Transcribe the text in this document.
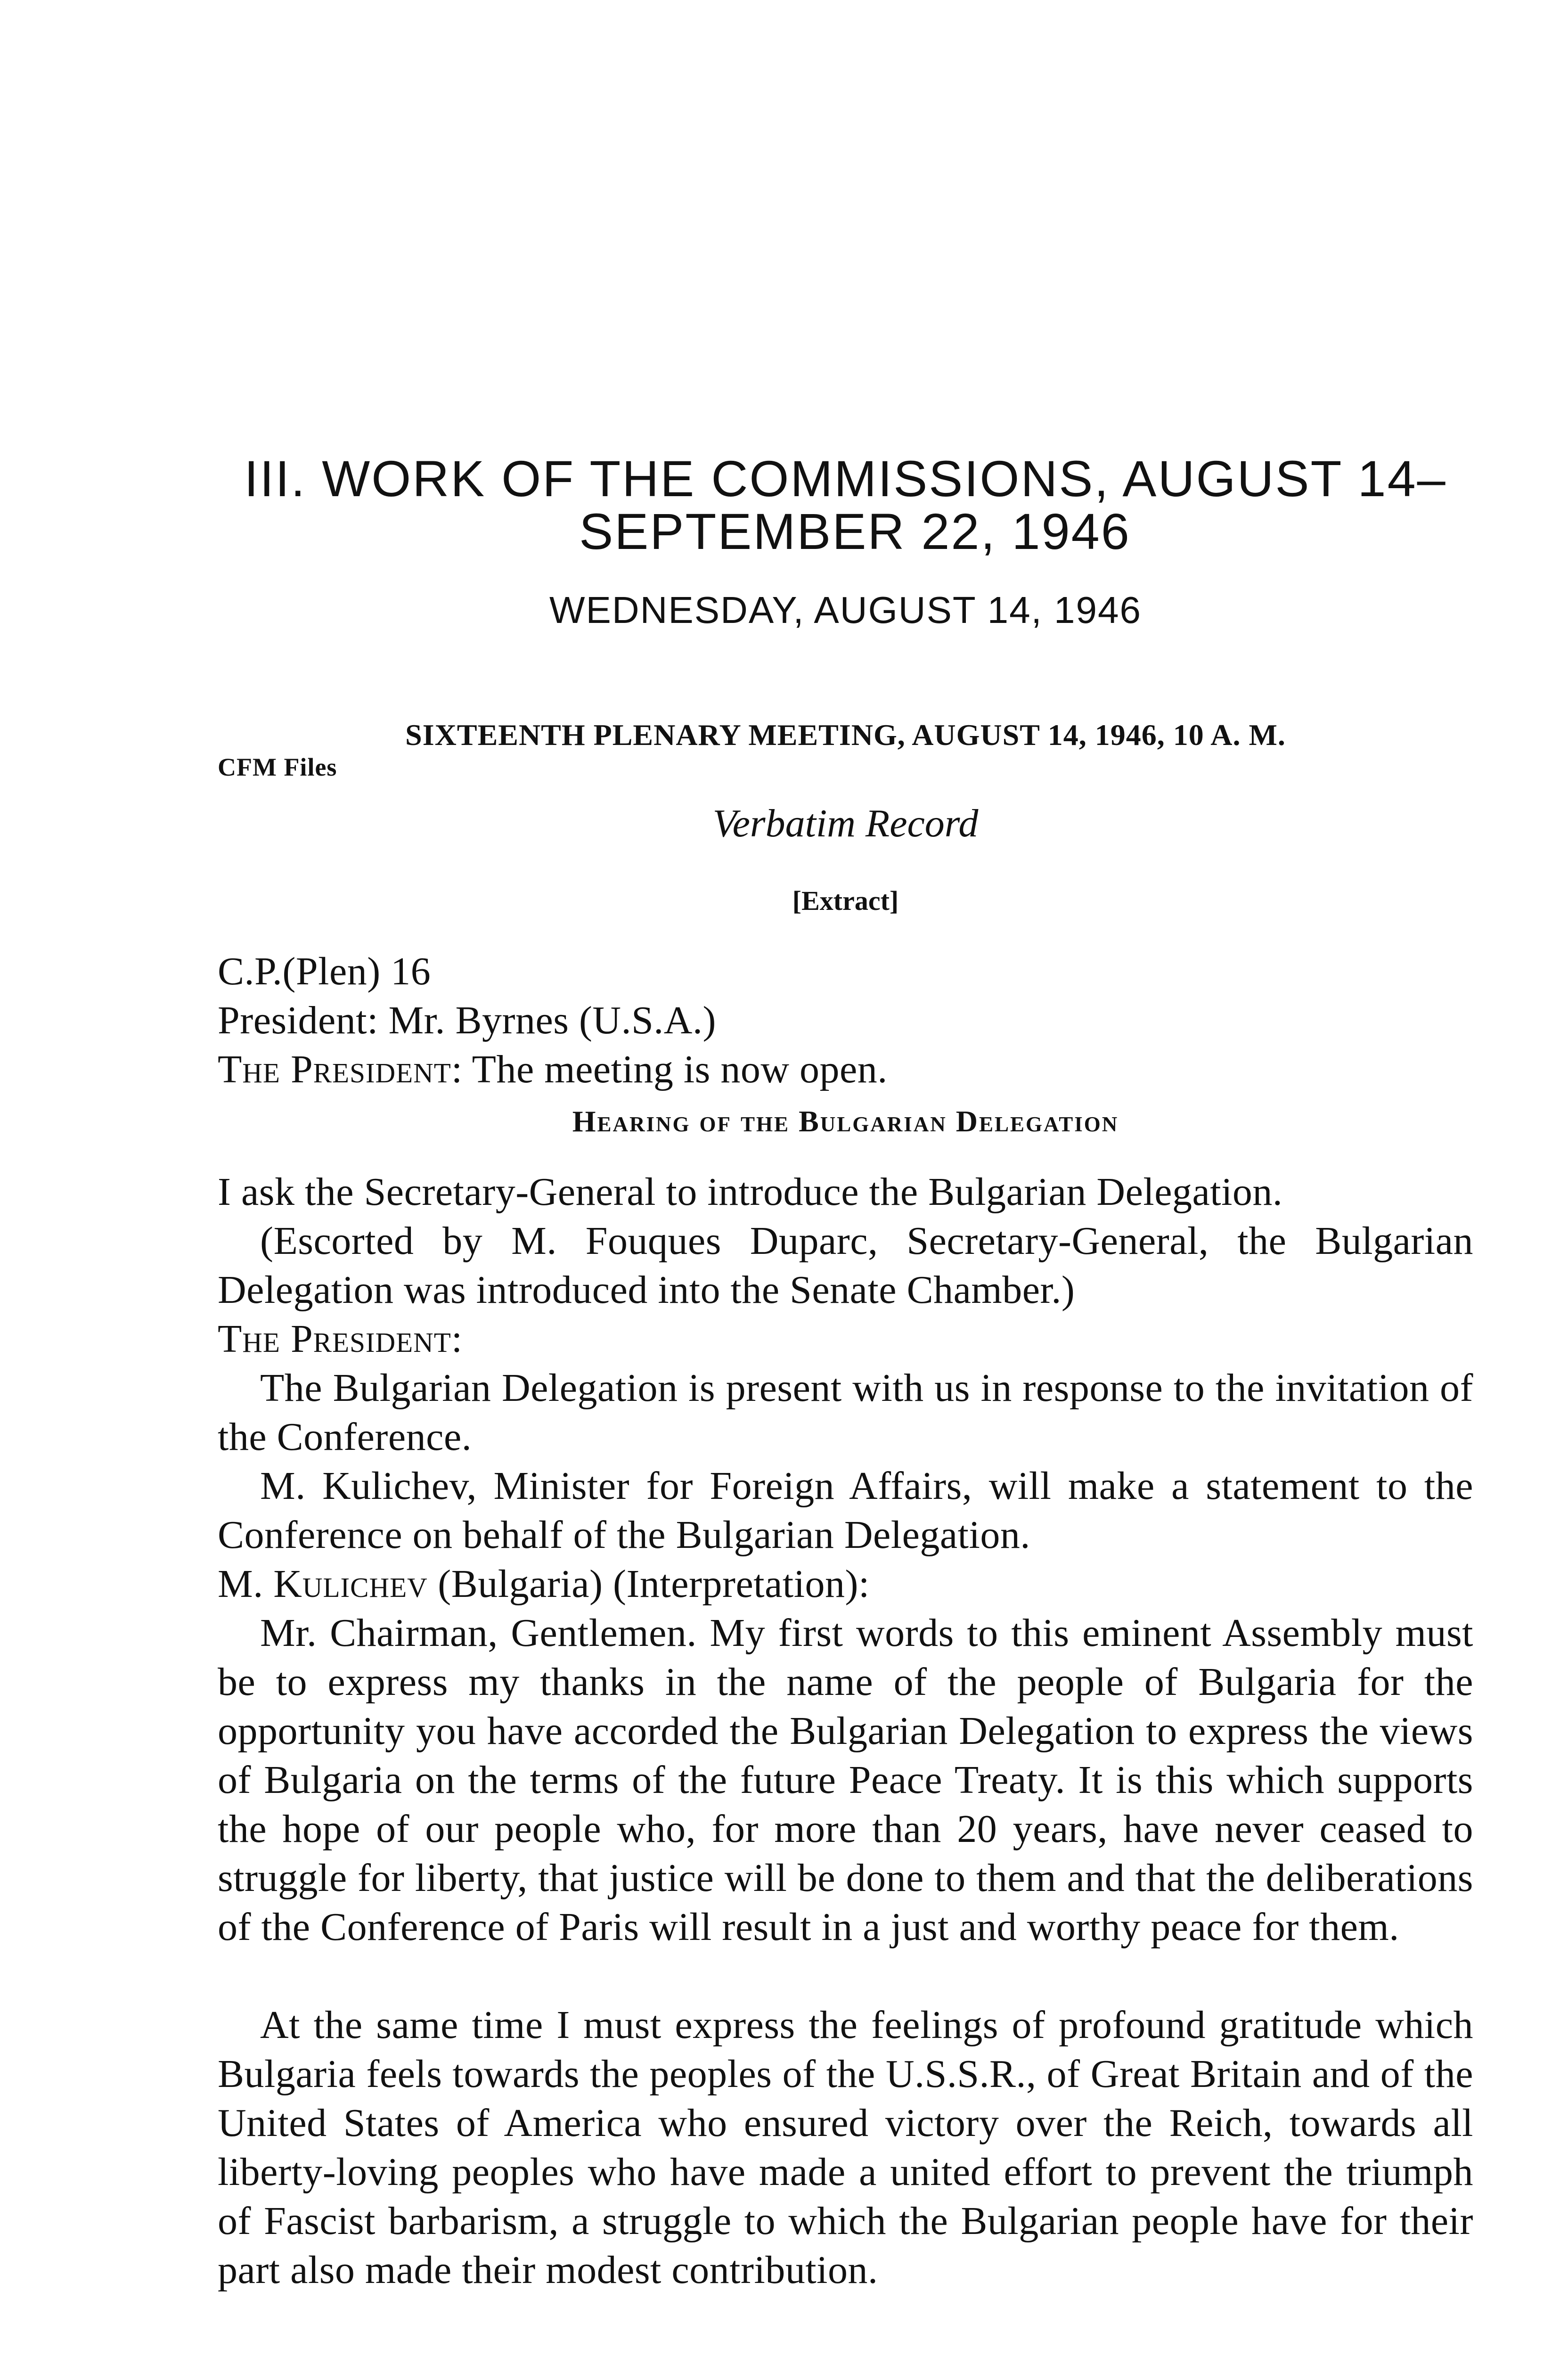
III. WORK OF THE COMMISSIONS, AUGUST 14–
SEPTEMBER 22, 1946
WEDNESDAY, AUGUST 14, 1946
SIXTEENTH PLENARY MEETING, AUGUST 14, 1946, 10 A. M.
CFM Files
Verbatim Record
[Extract]
C.P.(Plen) 16
President: Mr. Byrnes (U.S.A.)
The President: The meeting is now open.
Hearing of the Bulgarian Delegation

I ask the Secretary-General to introduce the Bulgarian Delegation.

(Escorted by M. Fouques Duparc, Secretary-General, the Bulgarian Delegation was introduced into the Senate Chamber.)

The President:

The Bulgarian Delegation is present with us in response to the invitation of the Conference.

M. Kulichev, Minister for Foreign Affairs, will make a statement to the Conference on behalf of the Bulgarian Delegation.

M. Kulichev (Bulgaria) (Interpretation):

Mr. Chairman, Gentlemen. My first words to this eminent Assembly must be to express my thanks in the name of the people of Bulgaria for the opportunity you have accorded the Bulgarian Delegation to express the views of Bulgaria on the terms of the future Peace Treaty. It is this which supports the hope of our people who, for more than 20 years, have never ceased to struggle for liberty, that justice will be done to them and that the deliberations of the Conference of Paris will result in a just and worthy peace for them.

At the same time I must express the feelings of profound gratitude which Bulgaria feels towards the peoples of the U.S.S.R., of Great Britain and of the United States of America who ensured victory over the Reich, towards all liberty-loving peoples who have made a united effort to prevent the triumph of Fascist barbarism, a struggle to which the Bulgarian people have for their part also made their modest contribution.
